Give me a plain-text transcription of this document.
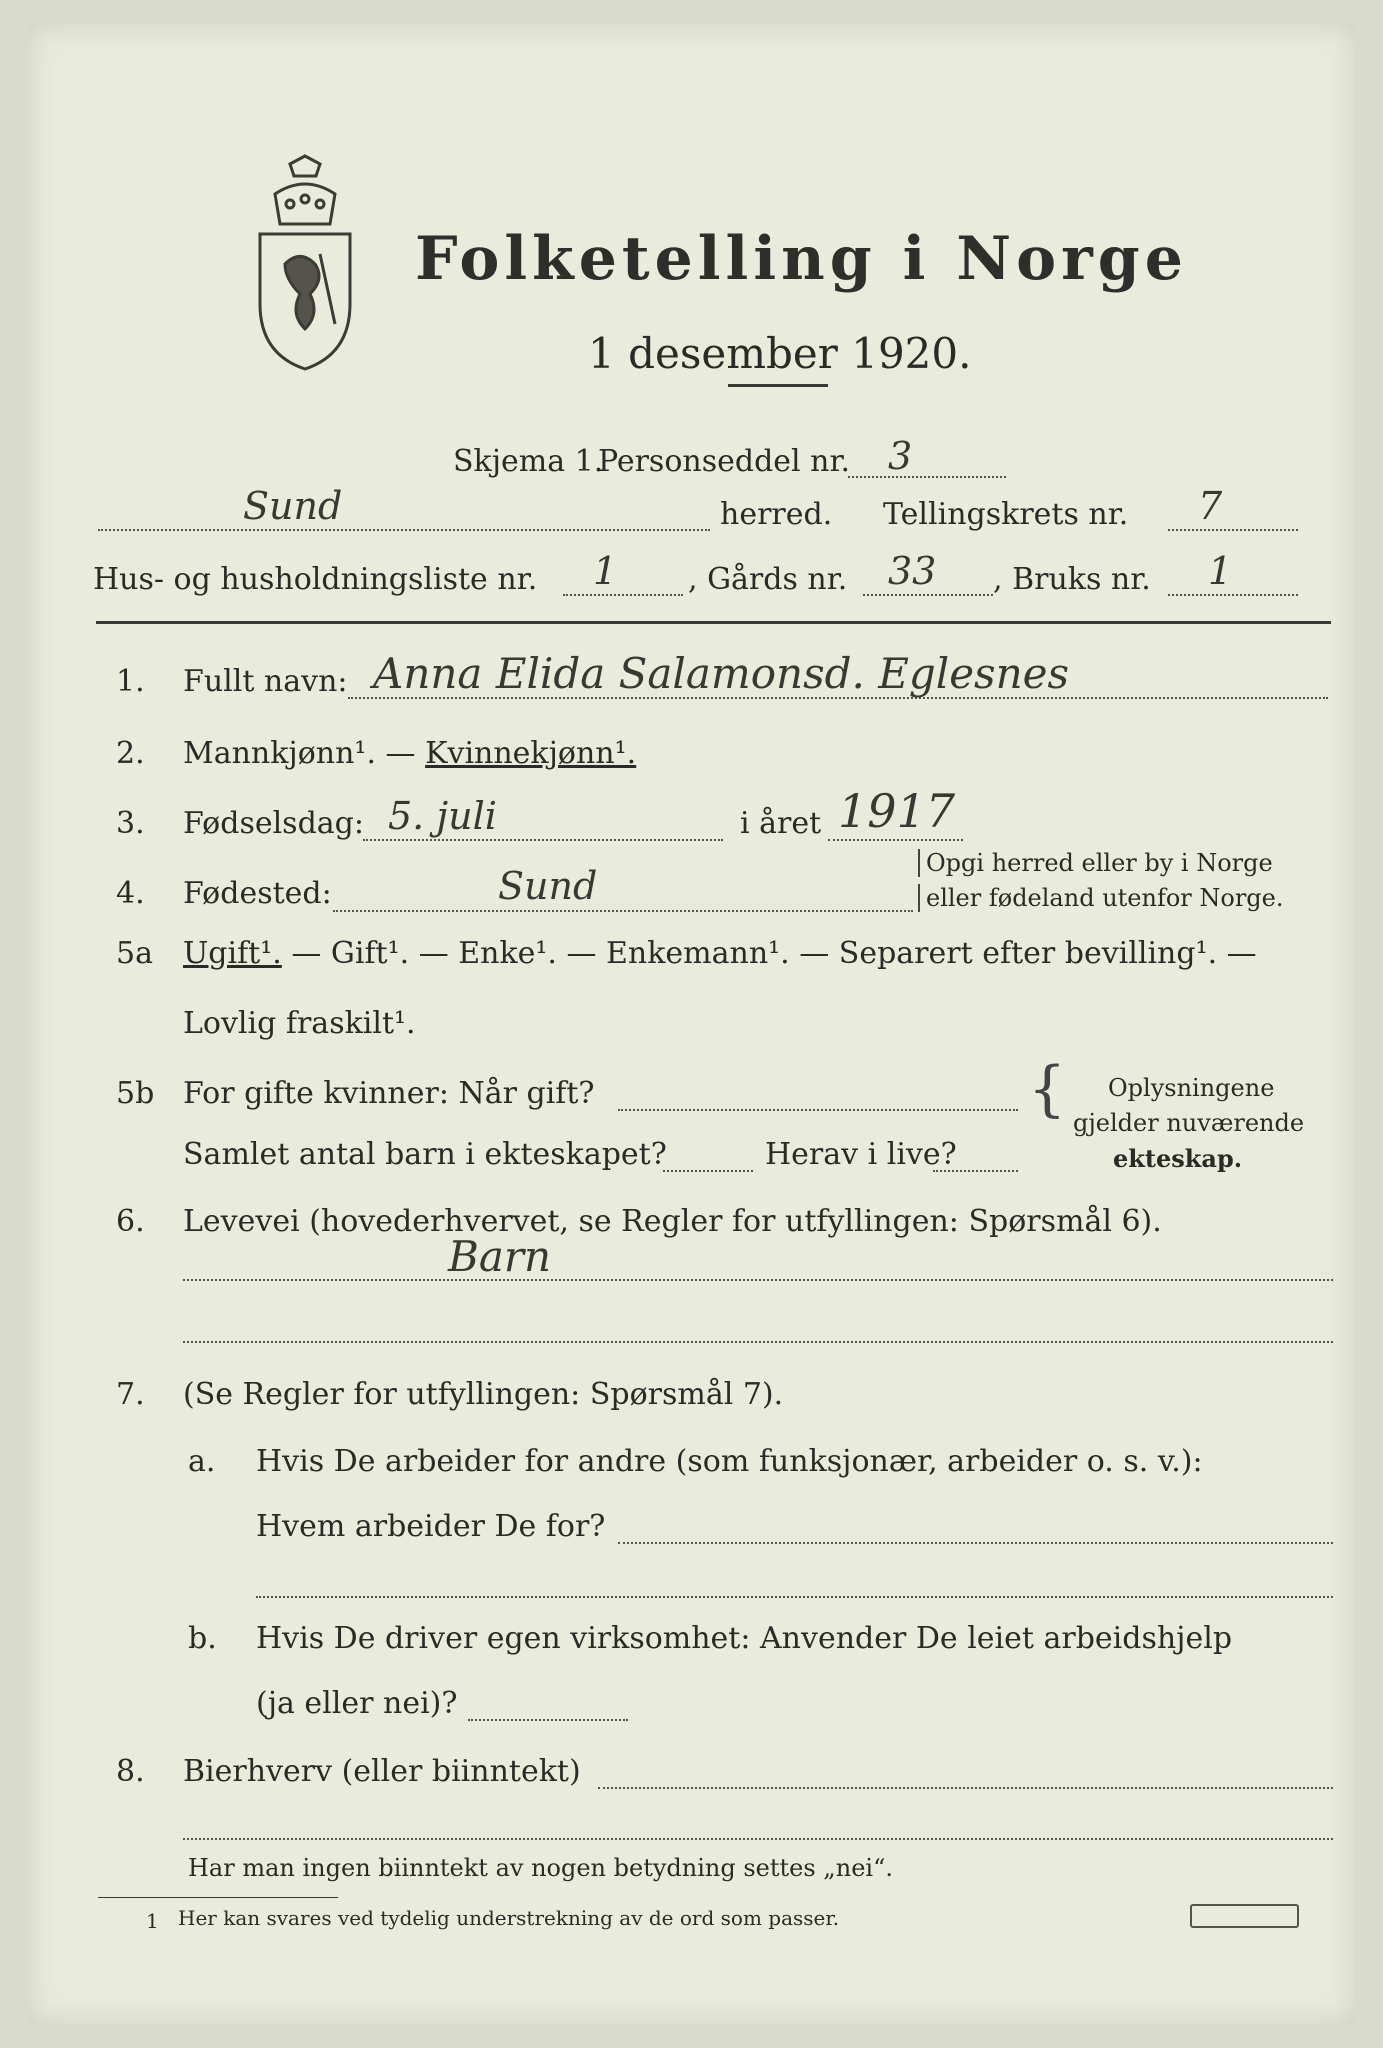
Folketelling i Norge
1 desember 1920.
Skjema 1.
Personseddel nr. 3
Sund	herred. Tellingskrets nr. 7
Hus- og husholdningsliste nr. 1 , Gårds nr. 33 , Bruks nr. 1
1. Fullt navn: Anna Elida Salamonsd. Eglesnes
2. Mannkjønn¹. — Kvinnekjønn¹.
3. Fødselsdag: 5. juli	i året 1917
4. Fødested:	Sund
Opgi herred eller by i Norge
eller fødeland utenfor Norge.
5a Ugift¹. — Gift¹. — Enke¹. — Enkemann¹. — Separert efter bevilling¹. —
Lovlig fraskilt¹.
5b For gifte kvinner: Når gift?
Samlet antal barn i ekteskapet?	Herav i live?
{ Oplysningene
gjelder nuværende
ekteskap.
6. Levevei (hovederhvervet, se Regler for utfyllingen: Spørsmål 6).
Barn
7. (Se Regler for utfyllingen: Spørsmål 7).
a. Hvis De arbeider for andre (som funksjonær, arbeider o. s. v.):
Hvem arbeider De for?
b. Hvis De driver egen virksomhet: Anvender De leiet arbeidshjelp
(ja eller nei)?
8. Bierhverv (eller biinntekt)
Har man ingen biinntekt av nogen betydning settes „nei“.
1 Her kan svares ved tydelig understrekning av de ord som passer.
